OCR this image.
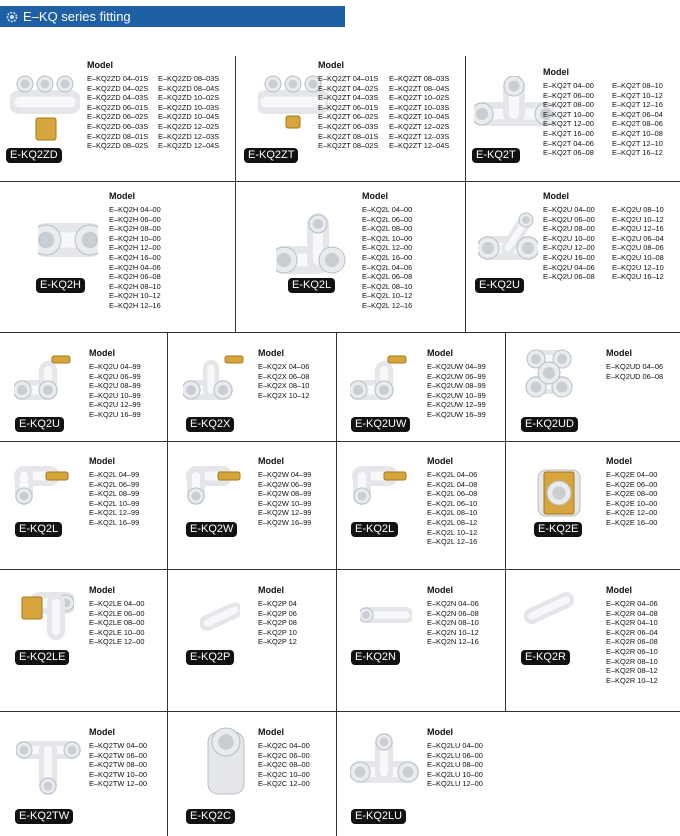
E–KQ series fitting
Model
E–KQ2ZD 04–01S
E–KQ2ZD 04–02S
E–KQ2ZD 04–03S
E–KQ2ZD 06–01S
E–KQ2ZD 06–02S
E–KQ2ZD 06–03S
E–KQ2ZD 08–01S
E–KQ2ZD 08–02S
E–KQ2ZD 08–03S
E–KQ2ZD 08–04S
E–KQ2ZD 10–02S
E–KQ2ZD 10–03S
E–KQ2ZD 10–04S
E–KQ2ZD 12–02S
E–KQ2ZD 12–03S
E–KQ2ZD 12–04S
E-KQ2ZD
Model
E–KQ2ZT 04–01S
E–KQ2ZT 04–02S
E–KQ2ZT 04–03S
E–KQ2ZT 06–01S
E–KQ2ZT 06–02S
E–KQ2ZT 06–03S
E–KQ2ZT 08–01S
E–KQ2ZT 08–02S
E–KQ2ZT 08–03S
E–KQ2ZT 08–04S
E–KQ2ZT 10–02S
E–KQ2ZT 10–03S
E–KQ2ZT 10–04S
E–KQ2ZT 12–02S
E–KQ2ZT 12–03S
E–KQ2ZT 12–04S
E-KQ2ZT
Model
E–KQ2T 04–00
E–KQ2T 06–00
E–KQ2T 08–00
E–KQ2T 10–00
E–KQ2T 12–00
E–KQ2T 16–00
E–KQ2T 04–06
E–KQ2T 06–08
E–KQ2T 08–10
E–KQ2T 10–12
E–KQ2T 12–16
E–KQ2T 06–04
E–KQ2T 08–06
E–KQ2T 10–08
E–KQ2T 12–10
E–KQ2T 16–12
E-KQ2T
Model
E–KQ2H 04–00
E–KQ2H 06–00
E–KQ2H 08–00
E–KQ2H 10–00
E–KQ2H 12–00
E–KQ2H 16–00
E–KQ2H 04–06
E–KQ2H 06–08
E–KQ2H 08–10
E–KQ2H 10–12
E–KQ2H 12–16
E-KQ2H
Model
E–KQ2L 04–00
E–KQ2L 06–00
E–KQ2L 08–00
E–KQ2L 10–00
E–KQ2L 12–00
E–KQ2L 16–00
E–KQ2L 04–06
E–KQ2L 06–08
E–KQ2L 08–10
E–KQ2L 10–12
E–KQ2L 12–16
E-KQ2L
Model
E–KQ2U 04–00
E–KQ2U 06–00
E–KQ2U 08–00
E–KQ2U 10–00
E–KQ2U 12–00
E–KQ2U 16–00
E–KQ2U 04–06
E–KQ2U 06–08
E–KQ2U 08–10
E–KQ2U 10–12
E–KQ2U 12–16
E–KQ2U 06–04
E–KQ2U 08–06
E–KQ2U 10–08
E–KQ2U 12–10
E–KQ2U 16–12
E-KQ2U
Model
E–KQ2U 04–99
E–KQ2U 06–99
E–KQ2U 08–99
E–KQ2U 10–99
E–KQ2U 12–99
E–KQ2U 16–99
E-KQ2U
Model
E–KQ2X 04–06
E–KQ2X 06–08
E–KQ2X 08–10
E–KQ2X 10–12
E-KQ2X
Model
E–KQ2UW 04–99
E–KQ2UW 06–99
E–KQ2UW 08–99
E–KQ2UW 10–99
E–KQ2UW 12–99
E–KQ2UW 16–99
E-KQ2UW
Model
E–KQ2UD 04–06
E–KQ2UD 06–08
E-KQ2UD
Model
E–KQ2L 04–99
E–KQ2L 06–99
E–KQ2L 08–99
E–KQ2L 10–99
E–KQ2L 12–99
E–KQ2L 16–99
E-KQ2L
Model
E–KQ2W 04–99
E–KQ2W 06–99
E–KQ2W 08–99
E–KQ2W 10–99
E–KQ2W 12–99
E–KQ2W 16–99
E-KQ2W
Model
E–KQ2L 04–06
E–KQ2L 04–08
E–KQ2L 06–08
E–KQ2L 06–10
E–KQ2L 08–10
E–KQ2L 08–12
E–KQ2L 10–12
E–KQ2L 12–16
E-KQ2L
Model
E–KQ2E 04–00
E–KQ2E 06–00
E–KQ2E 08–00
E–KQ2E 10–00
E–KQ2E 12–00
E–KQ2E 16–00
E-KQ2E
Model
E–KQ2LE 04–00
E–KQ2LE 06–00
E–KQ2LE 08–00
E–KQ2LE 10–00
E–KQ2LE 12–00
E-KQ2LE
Model
E–KQ2P 04
E–KQ2P 06
E–KQ2P 08
E–KQ2P 10
E–KQ2P 12
E-KQ2P
Model
E–KQ2N 04–06
E–KQ2N 06–08
E–KQ2N 08–10
E–KQ2N 10–12
E–KQ2N 12–16
E-KQ2N
Model
E–KQ2R 04–06
E–KQ2R 04–08
E–KQ2R 04–10
E–KQ2R 06–04
E–KQ2R 06–08
E–KQ2R 06–10
E–KQ2R 08–10
E–KQ2R 08–12
E–KQ2R 10–12
E-KQ2R
Model
E–KQ2TW 04–00
E–KQ2TW 06–00
E–KQ2TW 08–00
E–KQ2TW 10–00
E–KQ2TW 12–00
E-KQ2TW
Model
E–KQ2C 04–00
E–KQ2C 06–00
E–KQ2C 08–00
E–KQ2C 10–00
E–KQ2C 12–00
E-KQ2C
Model
E–KQ2LU 04–00
E–KQ2LU 06–00
E–KQ2LU 08–00
E–KQ2LU 10–00
E–KQ2LU 12–00
E-KQ2LU
